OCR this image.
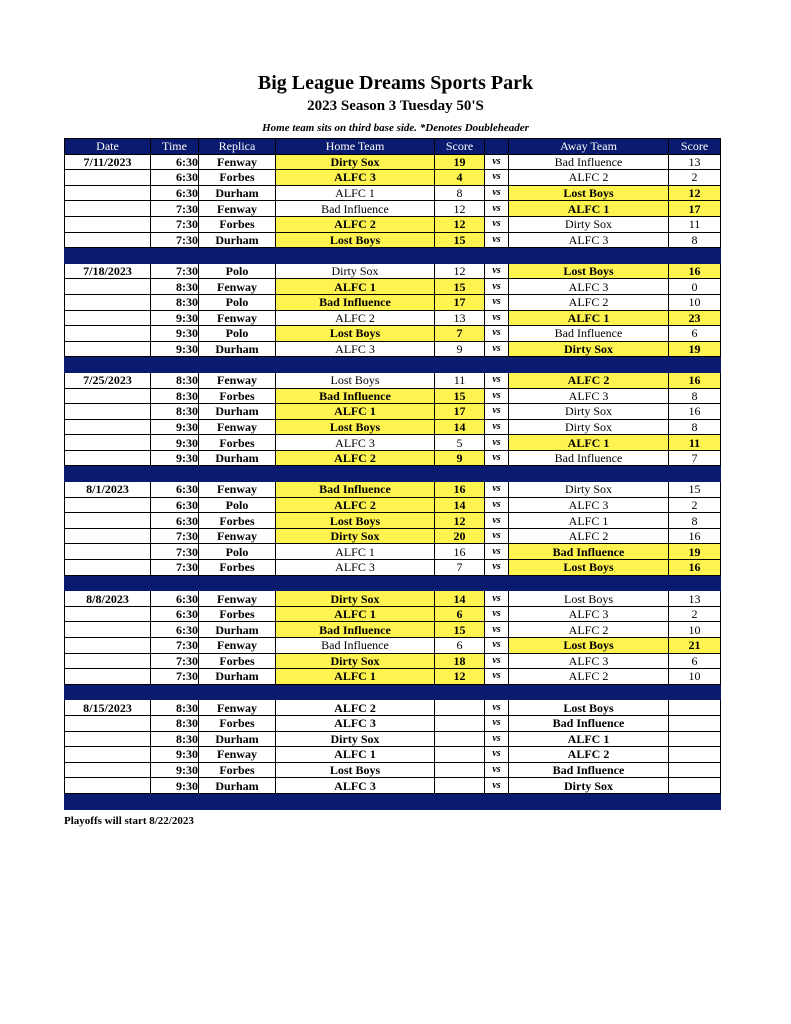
Big League Dreams Sports Park
2023 Season 3 Tuesday 50'S
Home team sits on third base side. *Denotes Doubleheader
Date	Time	Replica	Home Team	Score		Away Team	Score
7/11/2023	6:30	Fenway	Dirty Sox	19	vs	Bad Influence	13
	6:30	Forbes	ALFC 3	4	vs	ALFC 2	2
	6:30	Durham	ALFC 1	8	vs	Lost Boys	12
	7:30	Fenway	Bad Influence	12	vs	ALFC 1	17
	7:30	Forbes	ALFC 2	12	vs	Dirty Sox	11
	7:30	Durham	Lost Boys	15	vs	ALFC 3	8

7/18/2023	7:30	Polo	Dirty Sox	12	vs	Lost Boys	16
	8:30	Fenway	ALFC 1	15	vs	ALFC 3	0
	8:30	Polo	Bad Influence	17	vs	ALFC 2	10
	9:30	Fenway	ALFC 2	13	vs	ALFC 1	23
	9:30	Polo	Lost Boys	7	vs	Bad Influence	6
	9:30	Durham	ALFC 3	9	vs	Dirty Sox	19

7/25/2023	8:30	Fenway	Lost Boys	11	vs	ALFC 2	16
	8:30	Forbes	Bad Influence	15	vs	ALFC 3	8
	8:30	Durham	ALFC 1	17	vs	Dirty Sox	16
	9:30	Fenway	Lost Boys	14	vs	Dirty Sox	8
	9:30	Forbes	ALFC 3	5	vs	ALFC 1	11
	9:30	Durham	ALFC 2	9	vs	Bad Influence	7

8/1/2023	6:30	Fenway	Bad Influence	16	vs	Dirty Sox	15
	6:30	Polo	ALFC 2	14	vs	ALFC 3	2
	6:30	Forbes	Lost Boys	12	vs	ALFC 1	8
	7:30	Fenway	Dirty Sox	20	vs	ALFC 2	16
	7:30	Polo	ALFC 1	16	vs	Bad Influence	19
	7:30	Forbes	ALFC 3	7	vs	Lost Boys	16

8/8/2023	6:30	Fenway	Dirty Sox	14	vs	Lost Boys	13
	6:30	Forbes	ALFC 1	6	vs	ALFC 3	2
	6:30	Durham	Bad Influence	15	vs	ALFC 2	10
	7:30	Fenway	Bad Influence	6	vs	Lost Boys	21
	7:30	Forbes	Dirty Sox	18	vs	ALFC 3	6
	7:30	Durham	ALFC 1	12	vs	ALFC 2	10

8/15/2023	8:30	Fenway	ALFC 2		vs	Lost Boys	
	8:30	Forbes	ALFC 3		vs	Bad Influence	
	8:30	Durham	Dirty Sox		vs	ALFC 1	
	9:30	Fenway	ALFC 1		vs	ALFC 2	
	9:30	Forbes	Lost Boys		vs	Bad Influence	
	9:30	Durham	ALFC 3		vs	Dirty Sox	

Playoffs will start 8/22/2023
